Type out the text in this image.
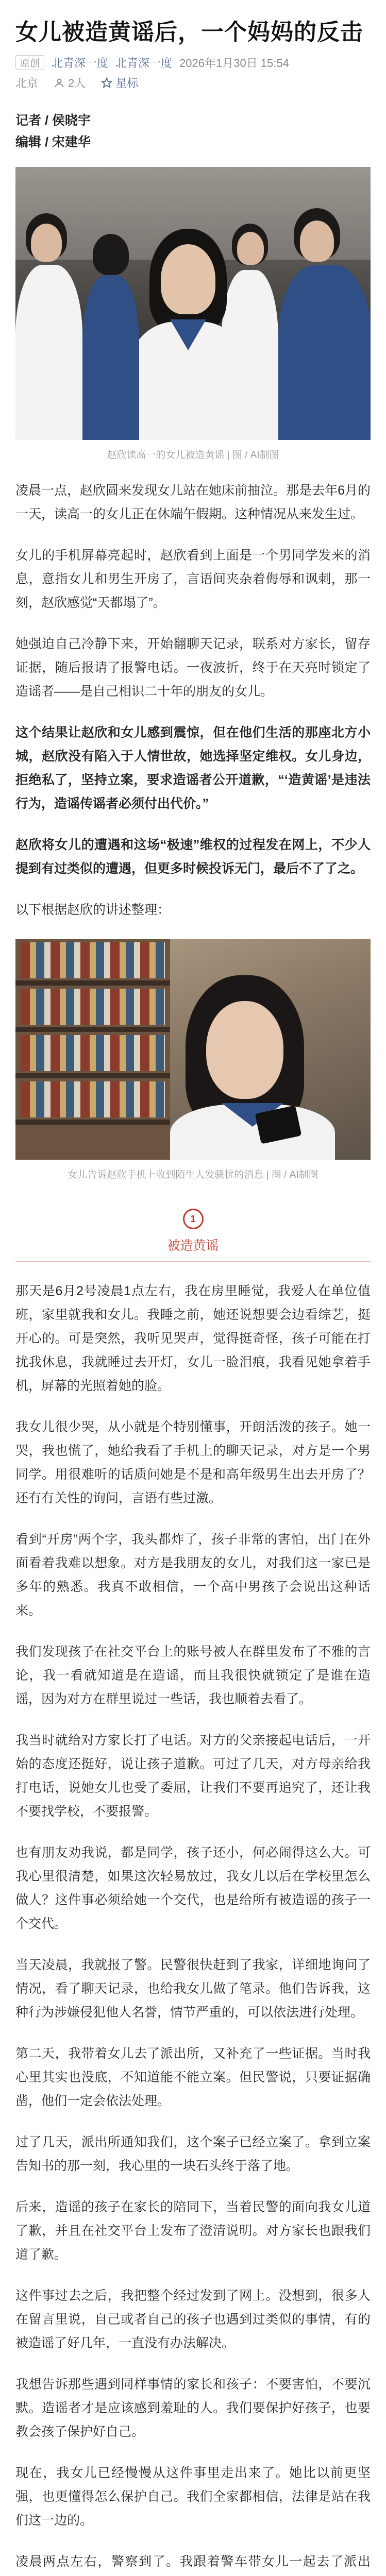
女儿被造黄谣后，一个妈妈的反击
原创	北青深一度 北青深一度 2026年1月30日 15:54
北京	2人	星标

记者 / 侯晓宇

编辑 / 宋建华

赵欣读高一的女儿被造黄谣 | 图 / AI制图

凌晨一点，赵欣圆来发现女儿站在她床前抽泣。那是去年6月的一天，读高一的女儿正在休端午假期。这种情况从来发生过。

女儿的手机屏幕亮起时，赵欣看到上面是一个男同学发来的消息，意指女儿和男生开房了，言语间夹杂着侮辱和讽刺，那一刻，赵欣感觉“天都塌了”。

她强迫自己冷静下来，开始翻聊天记录，联系对方家长，留存证据，随后报请了报警电话。一夜波折，终于在天亮时锁定了造谣者——是自己相识二十年的朋友的女儿。

这个结果让赵欣和女儿感到震惊，但在他们生活的那座北方小城，赵欣没有陷入于人情世故，她选择坚定维权。女儿身边，拒绝私了，坚持立案，要求造谣者公开道歉，“‘造黄谣’是违法行为，造谣传谣者必须付出代价。”

赵欣将女儿的遭遇和这场“极速”维权的过程发在网上，不少人提到有过类似的遭遇，但更多时候投诉无门，最后不了了之。

以下根据赵欣的讲述整理：

女儿告诉赵欣手机上收到陌生人发骚扰的消息 | 图 / AI制图
1
被造黄谣

那天是6月2号凌晨1点左右，我在房里睡觉，我爱人在单位值班，家里就我和女儿。我睡之前，她还说想要会边看综艺，挺开心的。可是突然，我听见哭声，觉得挺奇怪，孩子可能在打扰我休息，我就睡过去开灯，女儿一脸泪痕，我看见她拿着手机，屏幕的光照着她的脸。

我女儿很少哭，从小就是个特别懂事，开朗活泼的孩子。她一哭，我也慌了，她给我看了手机上的聊天记录，对方是一个男同学。用很难听的话质问她是不是和高年级男生出去开房了？还有有关性的询问，言语有些过激。

看到“开房”两个字，我头都炸了，孩子非常的害怕，出门在外面看着我难以想象。对方是我朋友的女儿，对我们这一家已是多年的熟悉。我真不敢相信，一个高中男孩子会说出这种话来。

我们发现孩子在社交平台上的账号被人在群里发布了不雅的言论，我一看就知道是在造谣，而且我很快就锁定了是谁在造谣，因为对方在群里说过一些话，我也顺着去看了。

我当时就给对方家长打了电话。对方的父亲接起电话后，一开始的态度还挺好，说让孩子道歉。可过了几天，对方母亲给我打电话，说她女儿也受了委屈，让我们不要再追究了，还让我不要找学校，不要报警。

也有朋友劝我说，都是同学，孩子还小，何必闹得这么大。可我心里很清楚，如果这次轻易放过，我女儿以后在学校里怎么做人？这件事必须给她一个交代，也是给所有被造谣的孩子一个交代。

当天凌晨，我就报了警。民警很快赶到了我家，详细地询问了情况，看了聊天记录，也给我女儿做了笔录。他们告诉我，这种行为涉嫌侵犯他人名誉，情节严重的，可以依法进行处理。

第二天，我带着女儿去了派出所，又补充了一些证据。当时我心里其实也没底，不知道能不能立案。但民警说，只要证据确凿，他们一定会依法处理。

过了几天，派出所通知我们，这个案子已经立案了。拿到立案告知书的那一刻，我心里的一块石头终于落了地。

后来，造谣的孩子在家长的陪同下，当着民警的面向我女儿道了歉，并且在社交平台上发布了澄清说明。对方家长也跟我们道了歉。

这件事过去之后，我把整个经过发到了网上。没想到，很多人在留言里说，自己或者自己的孩子也遇到过类似的事情，有的被造谣了好几年，一直没有办法解决。

我想告诉那些遇到同样事情的家长和孩子：不要害怕，不要沉默。造谣者才是应该感到羞耻的人。我们要保护好孩子，也要教会孩子保护好自己。

现在，我女儿已经慢慢从这件事里走出来了。她比以前更坚强，也更懂得怎么保护自己。我们全家都相信，法律是站在我们这一边的。

凌晨两点左右，警察到了。我跟着警车带女儿一起去了派出
